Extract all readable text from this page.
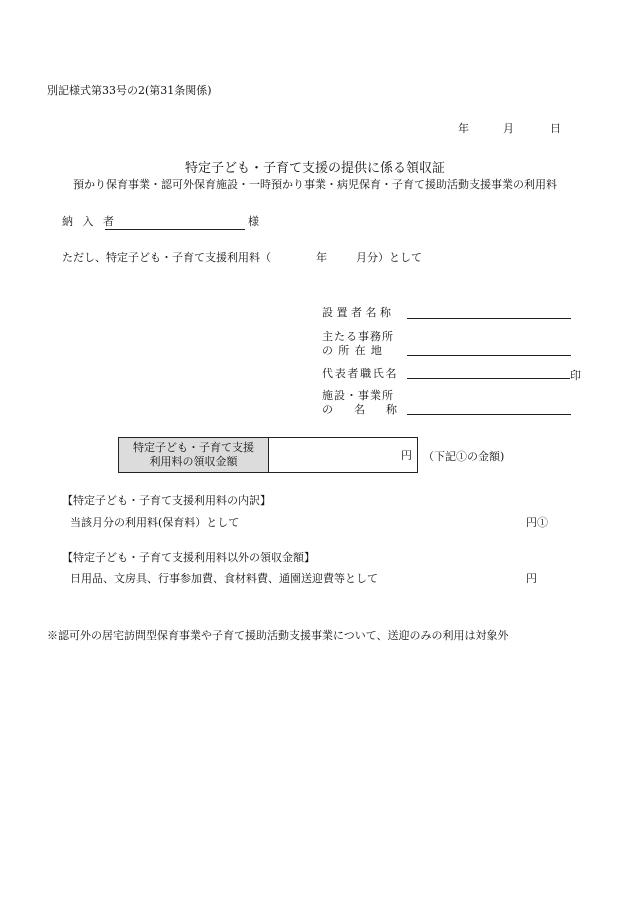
別記様式第33号の2(第31条関係)
年	月	日
特定子ども・子育て支援の提供に係る領収証
預かり保育事業・認可外保育施設・一時預かり事業・病児保育・子育て援助活動支援事業の利用料
納 入 者	様
ただし、特定子ども・子育て支援利用料（	年	月分）として
設置者名称
主たる事務所
の所在地
代表者職氏名	印
施設・事業所
の　名　称
特定子ども・子育て支援
利用料の領収金額	円 （下記①の金額)
【特定子ども・子育て支援利用料の内訳】
当該月分の利用料(保育料）として	円①
【特定子ども・子育て支援利用料以外の領収金額】
日用品、文房具、行事参加費、食材料費、通園送迎費等として	円
※認可外の居宅訪問型保育事業や子育て援助活動支援事業について、送迎のみの利用は対象外
